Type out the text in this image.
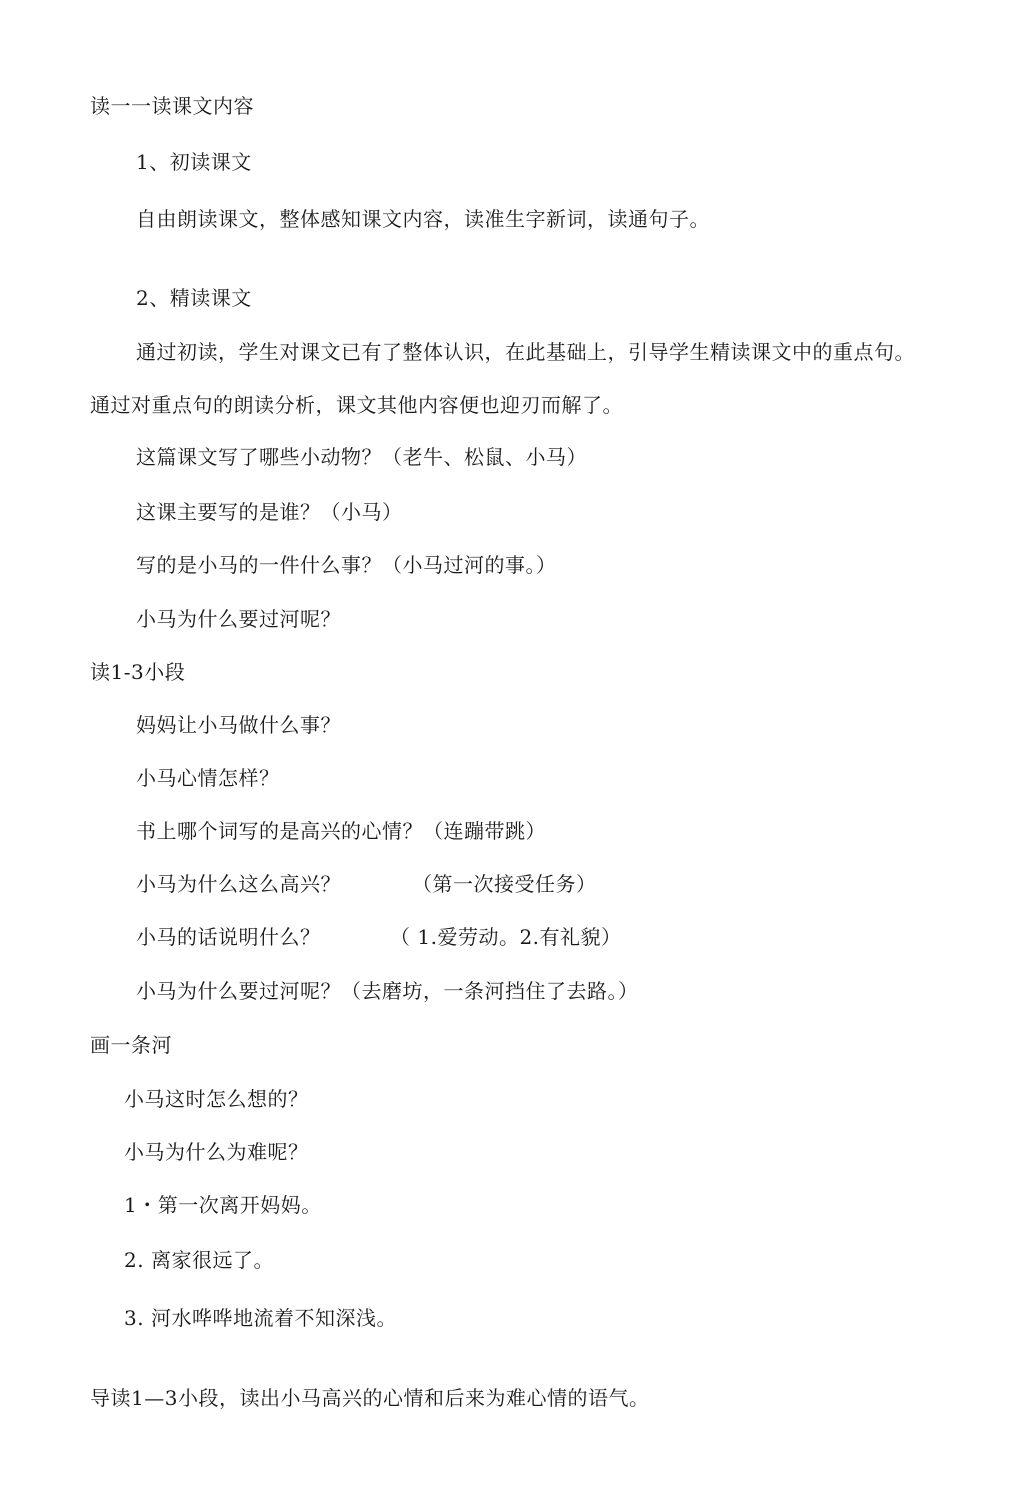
读一一读课文内容
1、初读课文
自由朗读课文，整体感知课文内容，读准生字新词，读通句子。
2、精读课文
通过初读，学生对课文已有了整体认识，在此基础上，引导学生精读课文中的重点句。
通过对重点句的朗读分析，课文其他内容便也迎刃而解了。
这篇课文写了哪些小动物？（老牛、松鼠、小马）
这课主要写的是谁？（小马）
写的是小马的一件什么事？（小马过河的事。）
小马为什么要过河呢？
读1-3小段
妈妈让小马做什么事？
小马心情怎样？
书上哪个词写的是高兴的心情？（连蹦带跳）
小马为什么这么高兴？	（第一次接受任务）
小马的话说明什么？	（ 1.爱劳动。2.有礼貌）
小马为什么要过河呢？（去磨坊，一条河挡住了去路。）
画一条河
小马这时怎么想的？
小马为什么为难呢？
1・第一次离开妈妈。
2. 离家很远了。
3. 河水哗哗地流着不知深浅。
导读1—3小段，读出小马高兴的心情和后来为难心情的语气。
